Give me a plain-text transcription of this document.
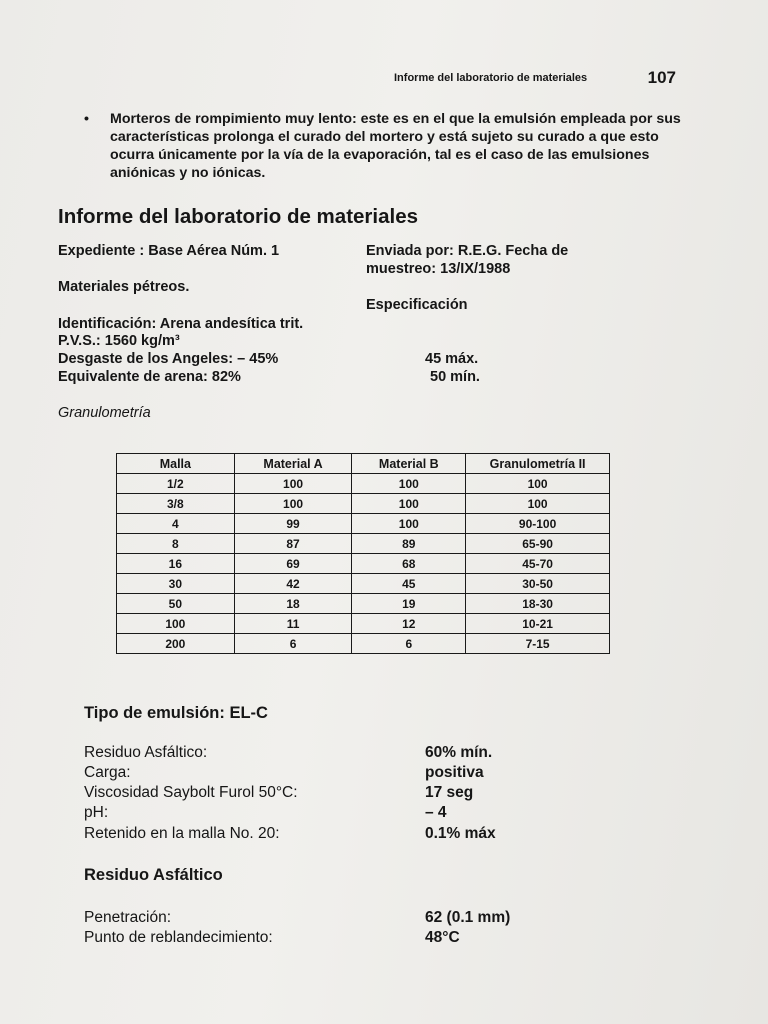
Informe del laboratorio de materiales	107
• Morteros de rompimiento muy lento: este es en el que la emulsión empleada por sus características prolonga el curado del mortero y está sujeto su curado a que esto ocurra únicamente por la vía de la evaporación, tal es el caso de las emulsiones aniónicas y no iónicas.
Informe del laboratorio de materiales
Expediente : Base Aérea Núm. 1	Enviada por: R.E.G. Fecha de
muestreo: 13/IX/1988
Materiales pétreos.
Especificación
Identificación: Arena andesítica trit.
P.V.S.: 1560 kg/m³
Desgaste de los Angeles: – 45%	45 máx.
Equivalente de arena: 82%	50 mín.
Granulometría
Malla	Material A	Material B	Granulometría II
1/2	100	100	100
3/8	100	100	100
4	99	100	90-100
8	87	89	65-90
16	69	68	45-70
30	42	45	30-50
50	18	19	18-30
100	11	12	10-21
200	6	6	7-15
Tipo de emulsión: EL-C
Residuo Asfáltico:	60% mín.
Carga:	positiva
Viscosidad Saybolt Furol 50°C:	17 seg
pH:	– 4
Retenido en la malla No. 20:	0.1% máx
Residuo Asfáltico
Penetración:	62 (0.1 mm)
Punto de reblandecimiento:	48°C
